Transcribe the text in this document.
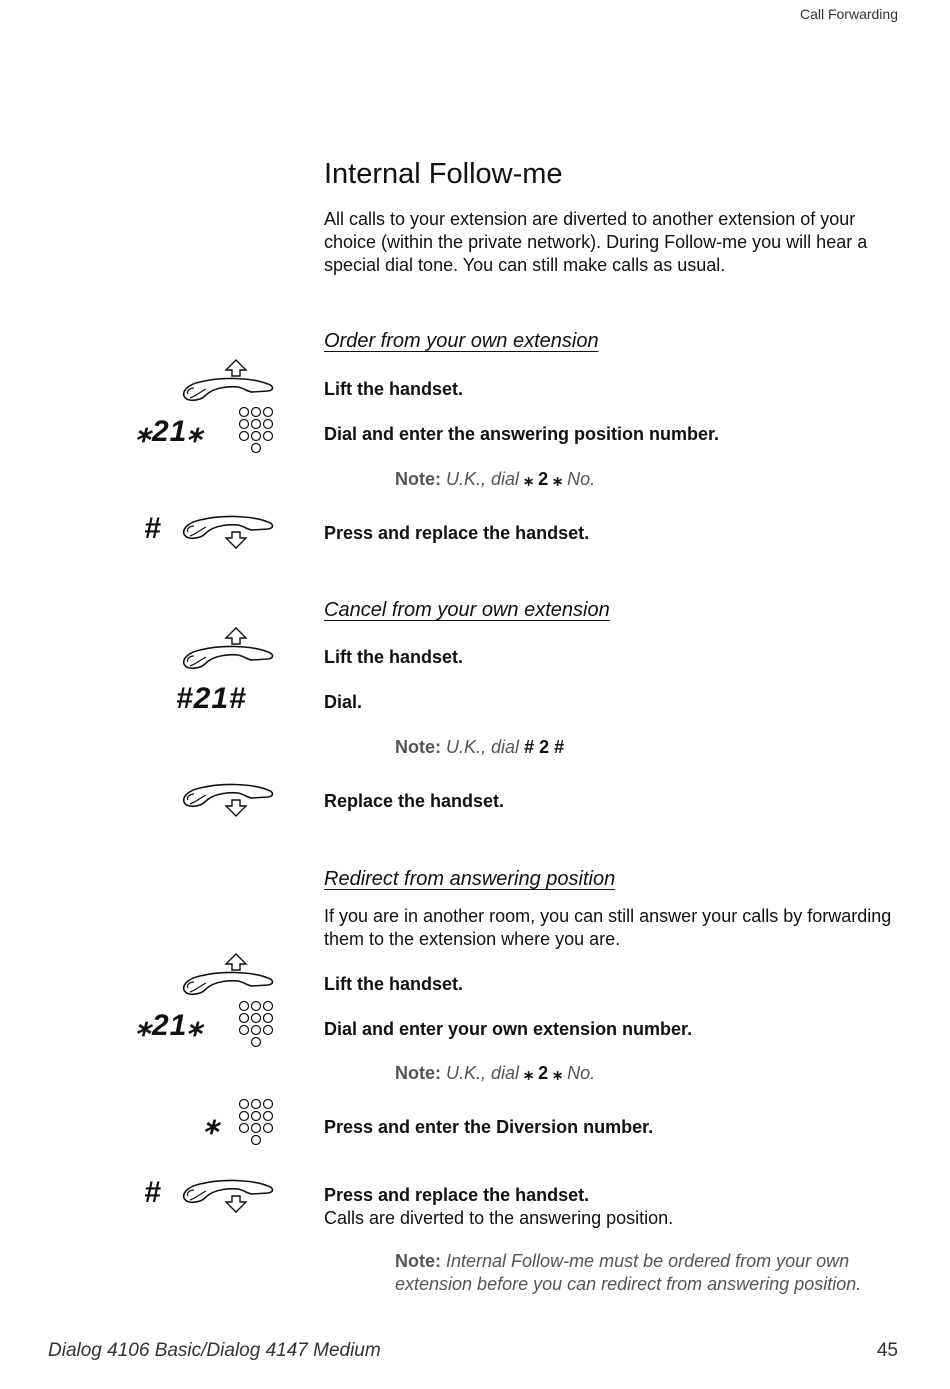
Call Forwarding
Internal Follow-me
All calls to your extension are diverted to another extension of your choice (within the private network). During Follow-me you will hear a special dial tone. You can still make calls as usual.
Order from your own extension
Lift the handset.
⁎21⁎	Dial and enter the answering position number.
Note: U.K., dial ⁎ 2 ⁎ No.
#	Press and replace the handset.
Cancel from your own extension
Lift the handset.
#21#	Dial.
Note: U.K., dial # 2 #
Replace the handset.
Redirect from answering position
If you are in another room, you can still answer your calls by forwarding them to the extension where you are.
Lift the handset.
⁎21⁎	Dial and enter your own extension number.
Note: U.K., dial ⁎ 2 ⁎ No.
⁎	Press and enter the Diversion number.
#	Press and replace the handset.
Calls are diverted to the answering position.
Note: Internal Follow-me must be ordered from your own extension before you can redirect from answering position.
Dialog 4106 Basic/Dialog 4147 Medium	45
